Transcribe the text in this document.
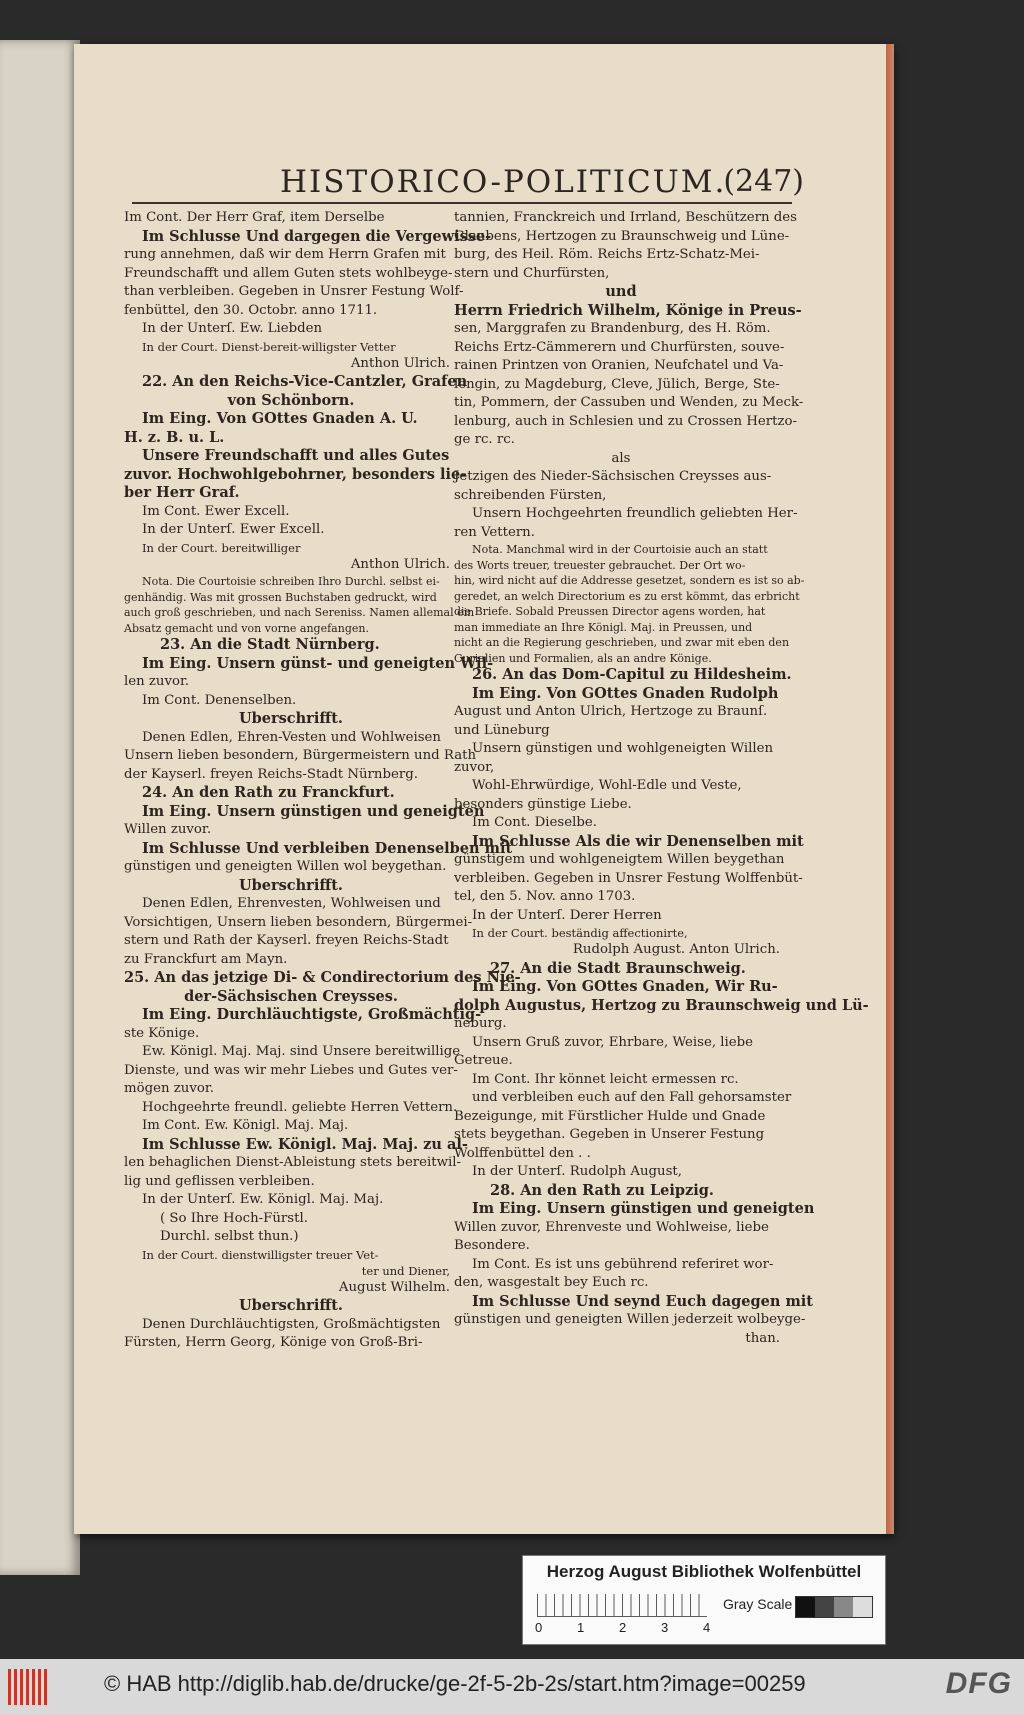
HISTORICO-POLITICUM.
(247)
Im Cont. Der Herr Graf, item Derselbe
Im Schlusse Und dargegen die Vergewisse-
rung annehmen, daß wir dem Herrn Grafen mit
Freundschafft und allem Guten stets wohlbeyge-
than verbleiben. Gegeben in Unsrer Festung Wolf-
fenbüttel, den 30. Octobr. anno 1711.
In der Unterſ. Ew. Liebden
In der Court. Dienst-bereit-willigster Vetter
Anthon Ulrich.
22. An den Reichs-Vice-Cantzler, Grafen
von Schönborn.
Im Eing. Von GOttes Gnaden A. U.
H. z. B. u. L.
Unsere Freundschafft und alles Gutes
zuvor. Hochwohlgebohrner, besonders lie-
ber Herr Graf.
Im Cont. Ewer Excell.
In der Unterſ. Ewer Excell.
In der Court. bereitwilliger
Anthon Ulrich.
Nota. Die Courtoisie schreiben Ihro Durchl. selbst ei-
genhändig. Was mit grossen Buchstaben gedruckt, wird
auch groß geschrieben, und nach Sereniss. Namen allemal ein
Absatz gemacht und von vorne angefangen.
23. An die Stadt Nürnberg.
Im Eing. Unsern günst- und geneigten Wil-
len zuvor.
Im Cont. Denenselben.
Uberschrifft.
Denen Edlen, Ehren-Vesten und Wohlweisen
Unsern lieben besondern, Bürgermeistern und Rath
der Kayserl. freyen Reichs-Stadt Nürnberg.
24. An den Rath zu Franckfurt.
Im Eing. Unsern günstigen und geneigten
Willen zuvor.
Im Schlusse Und verbleiben Denenselben mit
günstigen und geneigten Willen wol beygethan.
Uberschrifft.
Denen Edlen, Ehrenvesten, Wohlweisen und
Vorsichtigen, Unsern lieben besondern, Bürgermei-
stern und Rath der Kayserl. freyen Reichs-Stadt
zu Franckfurt am Mayn.
25. An das jetzige Di- & Condirectorium des Nie-
der-Sächsischen Creysses.
Im Eing. Durchläuchtigste, Großmächtig-
ste Könige.
Ew. Königl. Maj. Maj. sind Unsere bereitwillige
Dienste, und was wir mehr Liebes und Gutes ver-
mögen zuvor.
Hochgeehrte freundl. geliebte Herren Vettern.
Im Cont. Ew. Königl. Maj. Maj.
Im Schlusse Ew. Königl. Maj. Maj. zu al-
len behaglichen Dienst-Ableistung stets bereitwil-
lig und geflissen verbleiben.
In der Unterſ. Ew. Königl. Maj. Maj.
( So Ihre Hoch-Fürstl.
Durchl. selbst thun.)
In der Court. dienstwilligster treuer Vet-
ter und Diener,
August Wilhelm.
Uberschrifft.
Denen Durchläuchtigsten, Großmächtigsten
Fürsten, Herrn Georg, Könige von Groß-Bri-
tannien, Franckreich und Irrland, Beschützern des
Glaubens, Hertzogen zu Braunschweig und Lüne-
burg, des Heil. Röm. Reichs Ertz-Schatz-Mei-
stern und Churfürsten,
und
Herrn Friedrich Wilhelm, Könige in Preus-
sen, Marggrafen zu Brandenburg, des H. Röm.
Reichs Ertz-Cämmerern und Churfürsten, souve-
rainen Printzen von Oranien, Neufchatel und Va-
lengin, zu Magdeburg, Cleve, Jülich, Berge, Ste-
tin, Pommern, der Cassuben und Wenden, zu Meck-
lenburg, auch in Schlesien und zu Crossen Hertzo-
ge rc. rc.
als
Jetzigen des Nieder-Sächsischen Creysses aus-
schreibenden Fürsten,
Unsern Hochgeehrten freundlich geliebten Her-
ren Vettern.
Nota. Manchmal wird in der Courtoisie auch an statt
des Worts treuer, treuester gebrauchet. Der Ort wo-
hin, wird nicht auf die Addresse gesetzet, sondern es ist so ab-
geredet, an welch Directorium es zu erst kömmt, das erbricht
die Briefe. Sobald Preussen Director agens worden, hat
man immediate an Ihre Königl. Maj. in Preussen, und
nicht an die Regierung geschrieben, und zwar mit eben den
Curialien und Formalien, als an andre Könige.
26. An das Dom-Capitul zu Hildesheim.
Im Eing. Von GOttes Gnaden Rudolph
August und Anton Ulrich, Hertzoge zu Braunſ.
und Lüneburg
Unsern günstigen und wohlgeneigten Willen
zuvor,
Wohl-Ehrwürdige, Wohl-Edle und Veste,
besonders günstige Liebe.
Im Cont. Dieselbe.
Im Schlusse Als die wir Denenselben mit
günstigem und wohlgeneigtem Willen beygethan
verbleiben. Gegeben in Unsrer Festung Wolffenbüt-
tel, den 5. Nov. anno 1703.
In der Unterſ. Derer Herren
In der Court. beständig affectionirte,
Rudolph August. Anton Ulrich.
27. An die Stadt Braunschweig.
Im Eing. Von GOttes Gnaden, Wir Ru-
dolph Augustus, Hertzog zu Braunschweig und Lü-
neburg.
Unsern Gruß zuvor, Ehrbare, Weise, liebe
Getreue.
Im Cont. Ihr könnet leicht ermessen rc.
und verbleiben euch auf den Fall gehorsamster
Bezeigunge, mit Fürstlicher Hulde und Gnade
stets beygethan. Gegeben in Unserer Festung
Wolffenbüttel den . .
In der Unterſ. Rudolph August,
28. An den Rath zu Leipzig.
Im Eing. Unsern günstigen und geneigten
Willen zuvor, Ehrenveste und Wohlweise, liebe
Besondere.
Im Cont. Es ist uns gebührend referiret wor-
den, wasgestalt bey Euch rc.
Im Schlusse Und seynd Euch dagegen mit
günstigen und geneigten Willen jederzeit wolbeyge-
than.
Herzog August Bibliothek Wolfenbüttel
0	1	2	3	4
Gray Scale
© HAB http://diglib.hab.de/drucke/ge-2f-5-2b-2s/start.htm?image=00259	DFG
